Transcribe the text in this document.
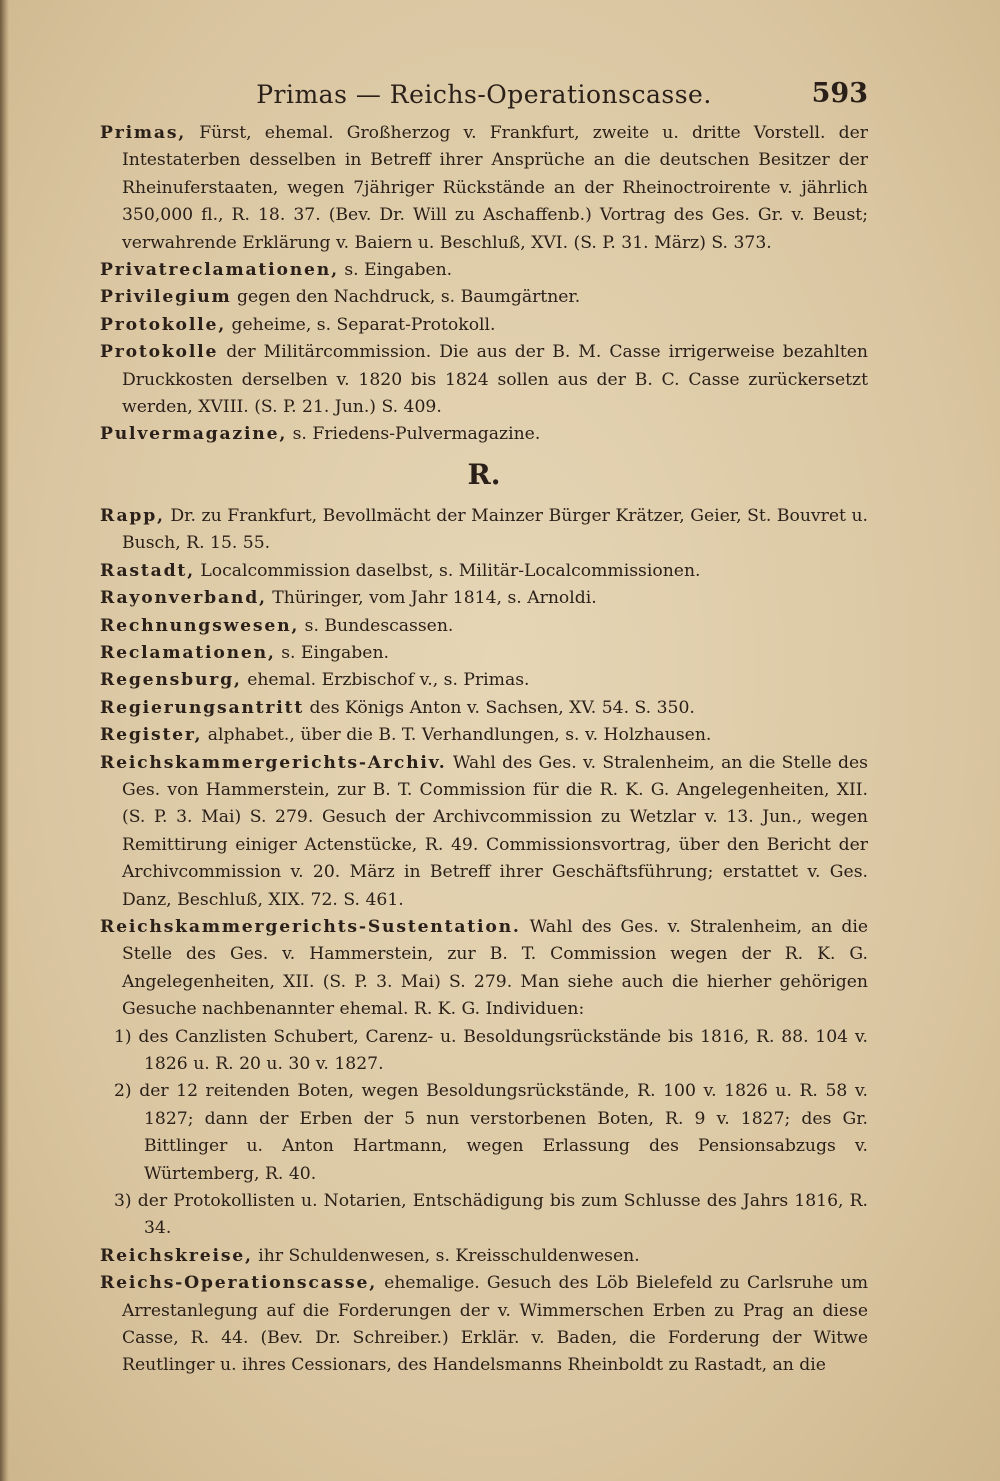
Primas — Reichs-Operationscasse.	593

Primas, Fürst, ehemal. Großherzog v. Frankfurt, zweite u. dritte Vorstell. der Intestaterben desselben in Betreff ihrer Ansprüche an die deutschen Besitzer der Rheinuferstaaten, wegen 7jähriger Rückstände an der Rheinoctroirente v. jährlich 350,000 fl., R. 18. 37. (Bev. Dr. Will zu Aschaffenb.) Vortrag des Ges. Gr. v. Beust; verwahrende Erklärung v. Baiern u. Beschluß, XVI. (S. P. 31. März) S. 373.

Privatreclamationen, s. Eingaben.

Privilegium gegen den Nachdruck, s. Baumgärtner.

Protokolle, geheime, s. Separat-Protokoll.

Protokolle der Militärcommission. Die aus der B. M. Casse irrigerweise bezahlten Druckkosten derselben v. 1820 bis 1824 sollen aus der B. C. Casse zurückersetzt werden, XVIII. (S. P. 21. Jun.) S. 409.

Pulvermagazine, s. Friedens-Pulvermagazine.

R.

Rapp, Dr. zu Frankfurt, Bevollmächt der Mainzer Bürger Krätzer, Geier, St. Bouvret u. Busch, R. 15. 55.

Rastadt, Localcommission daselbst, s. Militär-Localcommissionen.

Rayonverband, Thüringer, vom Jahr 1814, s. Arnoldi.

Rechnungswesen, s. Bundescassen.

Reclamationen, s. Eingaben.

Regensburg, ehemal. Erzbischof v., s. Primas.

Regierungsantritt des Königs Anton v. Sachsen, XV. 54. S. 350.

Register, alphabet., über die B. T. Verhandlungen, s. v. Holzhausen.

Reichskammergerichts-Archiv. Wahl des Ges. v. Stralenheim, an die Stelle des Ges. von Hammerstein, zur B. T. Commission für die R. K. G. Angelegenheiten, XII. (S. P. 3. Mai) S. 279. Gesuch der Archivcommission zu Wetzlar v. 13. Jun., wegen Remittirung einiger Actenstücke, R. 49. Commissionsvortrag, über den Bericht der Archivcommission v. 20. März in Betreff ihrer Geschäftsführung; erstattet v. Ges. Danz, Beschluß, XIX. 72. S. 461.

Reichskammergerichts-Sustentation. Wahl des Ges. v. Stralenheim, an die Stelle des Ges. v. Hammerstein, zur B. T. Commission wegen der R. K. G. Angelegenheiten, XII. (S. P. 3. Mai) S. 279. Man siehe auch die hierher gehörigen Gesuche nachbenannter ehemal. R. K. G. Individuen:

1) des Canzlisten Schubert, Carenz- u. Besoldungsrückstände bis 1816, R. 88. 104 v. 1826 u. R. 20 u. 30 v. 1827.

2) der 12 reitenden Boten, wegen Besoldungsrückstände, R. 100 v. 1826 u. R. 58 v. 1827; dann der Erben der 5 nun verstorbenen Boten, R. 9 v. 1827; des Gr. Bittlinger u. Anton Hartmann, wegen Erlassung des Pensionsabzugs v. Würtemberg, R. 40.

3) der Protokollisten u. Notarien, Entschädigung bis zum Schlusse des Jahrs 1816, R. 34.

Reichskreise, ihr Schuldenwesen, s. Kreisschuldenwesen.

Reichs-Operationscasse, ehemalige. Gesuch des Löb Bielefeld zu Carlsruhe um Arrestanlegung auf die Forderungen der v. Wimmerschen Erben zu Prag an diese Casse, R. 44. (Bev. Dr. Schreiber.) Erklär. v. Baden, die Forderung der Witwe Reutlinger u. ihres Cessionars, des Handelsmanns Rheinboldt zu Rastadt, an die
